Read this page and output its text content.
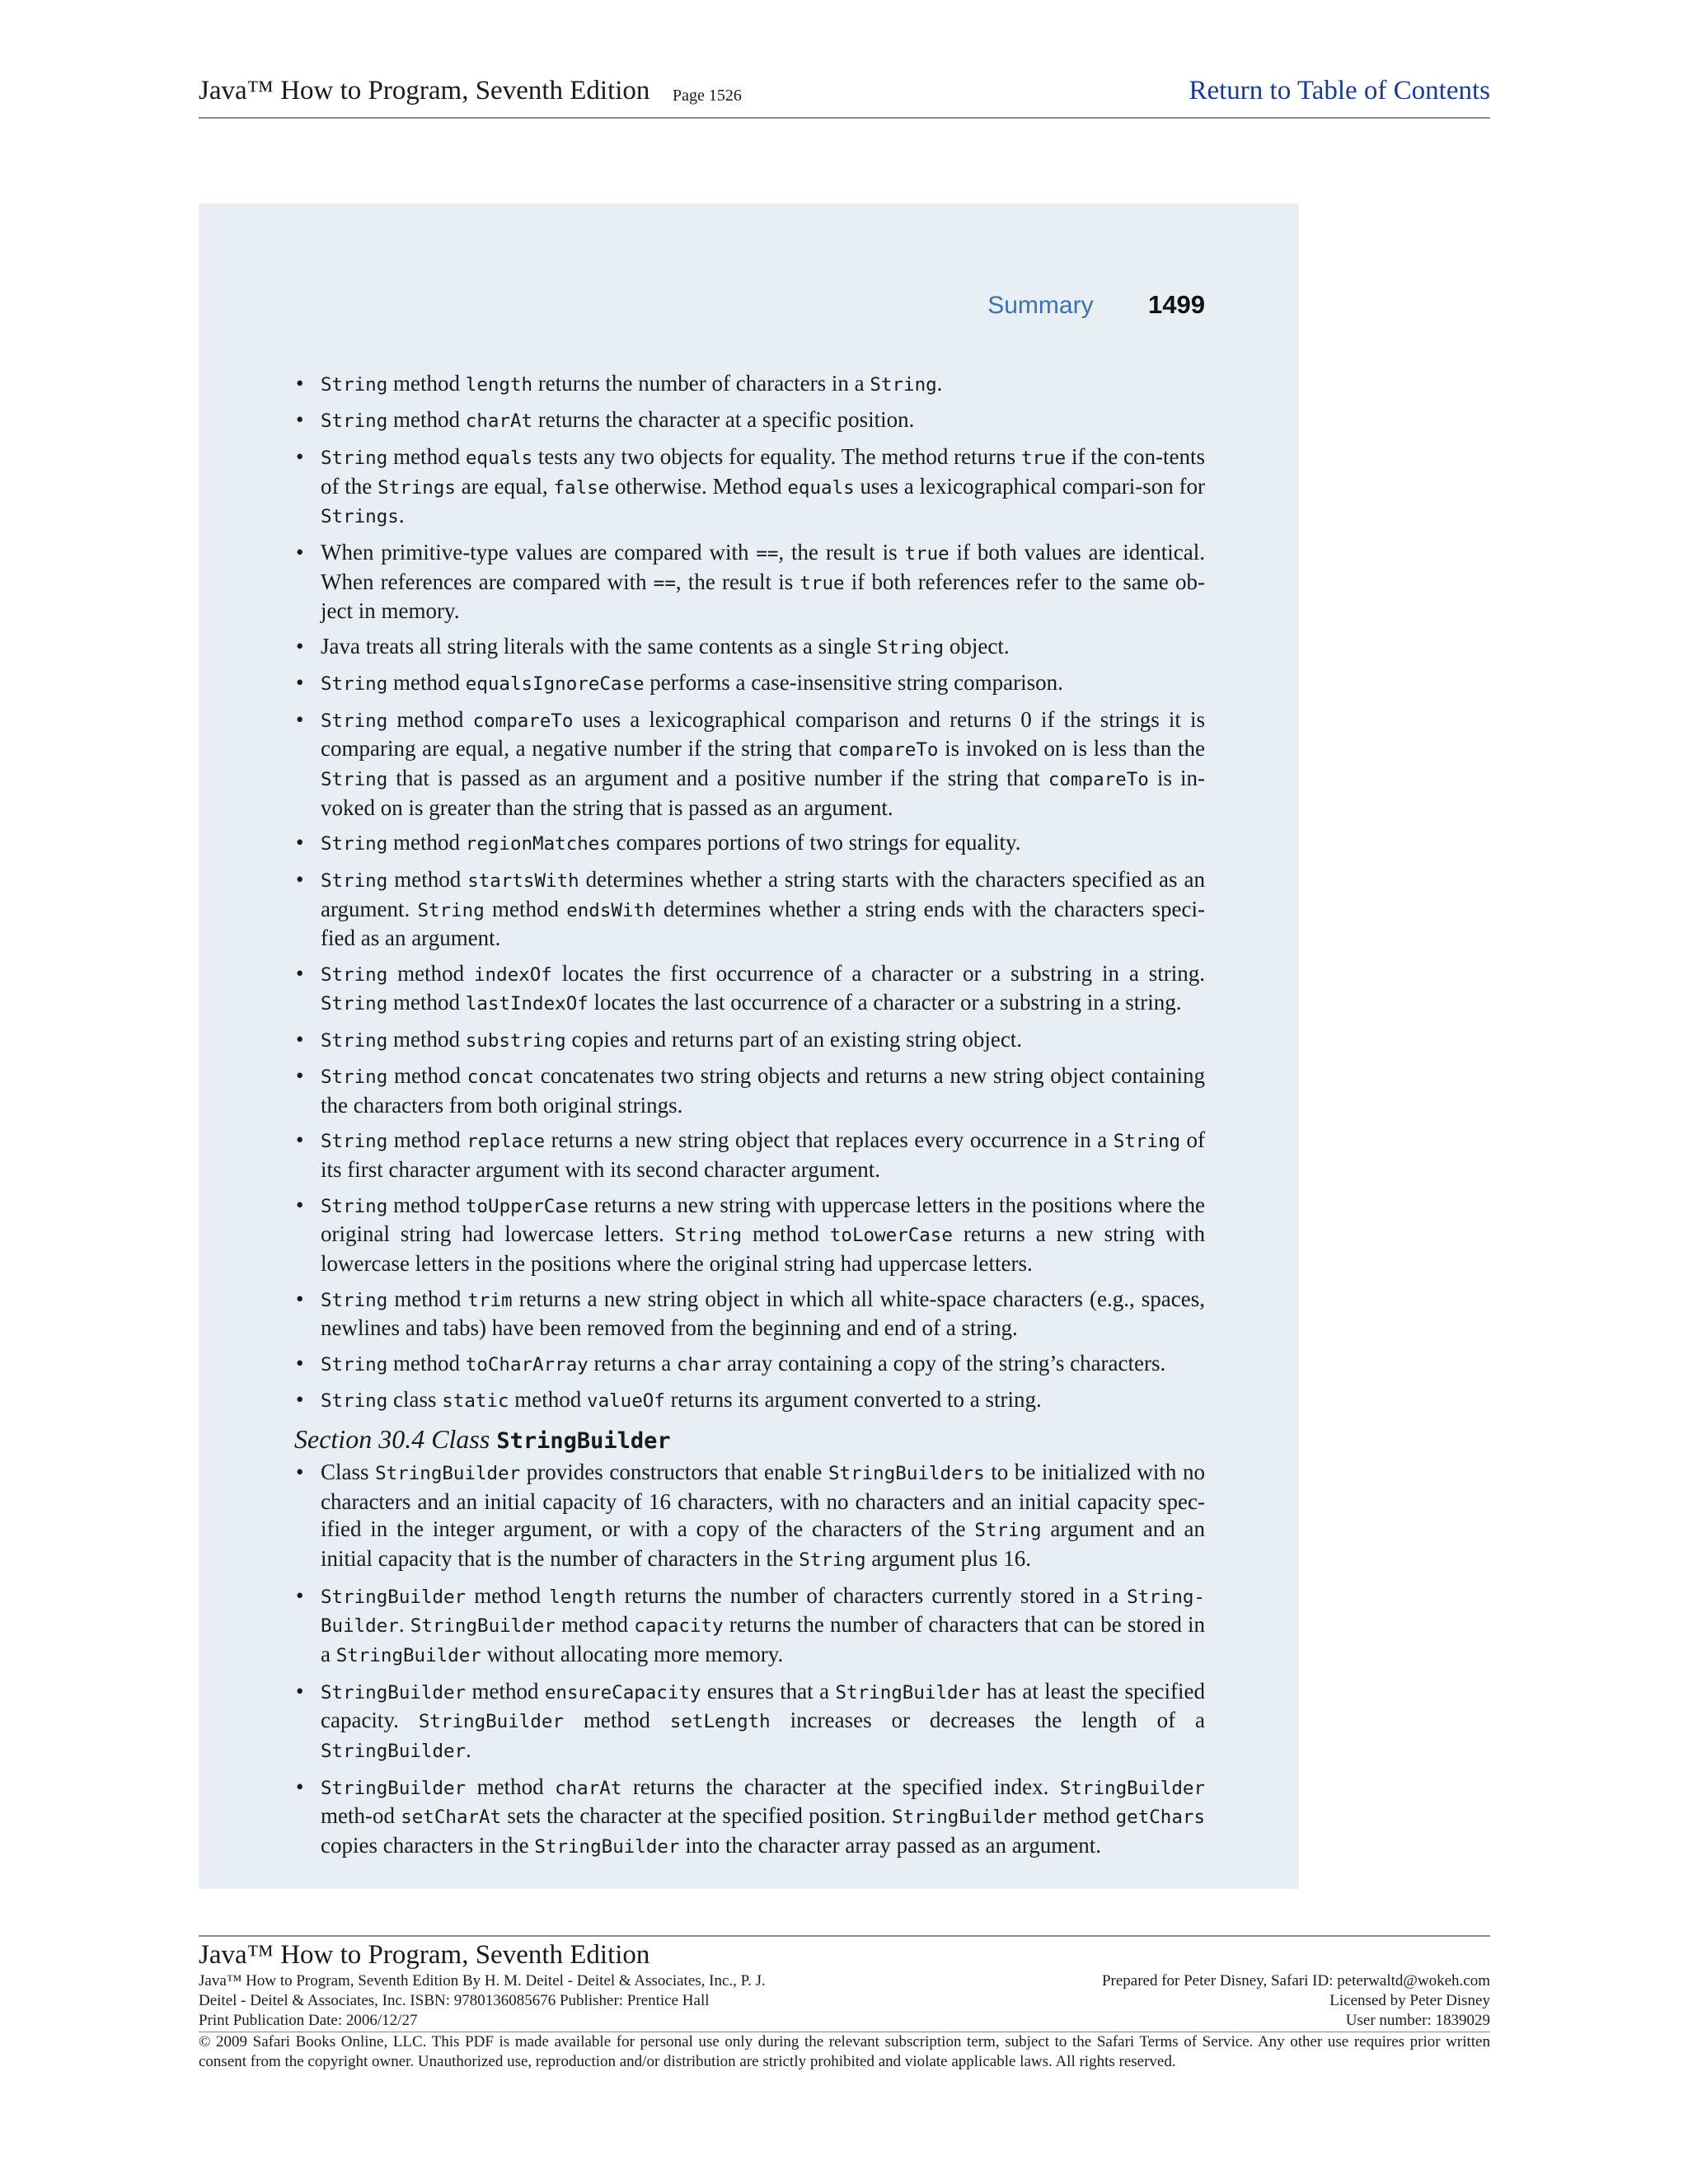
Java™ How to Program, Seventh Edition Page 1526	Return to Table of Contents
Summary 1499
• String method length returns the number of characters in a String.
• String method charAt returns the character at a specific position.
• String method equals tests any two objects for equality. The method returns true if the con-tents of the Strings are equal, false otherwise. Method equals uses a lexicographical compari-son for Strings.
• When primitive-type values are compared with ==, the result is true if both values are identical. When references are compared with ==, the result is true if both references refer to the same ob-ject in memory.
• Java treats all string literals with the same contents as a single String object.
• String method equalsIgnoreCase performs a case-insensitive string comparison.
• String method compareTo uses a lexicographical comparison and returns 0 if the strings it is comparing are equal, a negative number if the string that compareTo is invoked on is less than the String that is passed as an argument and a positive number if the string that compareTo is in-voked on is greater than the string that is passed as an argument.
• String method regionMatches compares portions of two strings for equality.
• String method startsWith determines whether a string starts with the characters specified as an argument. String method endsWith determines whether a string ends with the characters speci-fied as an argument.
• String method indexOf locates the first occurrence of a character or a substring in a string. String method lastIndexOf locates the last occurrence of a character or a substring in a string.
• String method substring copies and returns part of an existing string object.
• String method concat concatenates two string objects and returns a new string object containing the characters from both original strings.
• String method replace returns a new string object that replaces every occurrence in a String of its first character argument with its second character argument.
• String method toUpperCase returns a new string with uppercase letters in the positions where the original string had lowercase letters. String method toLowerCase returns a new string with lowercase letters in the positions where the original string had uppercase letters.
• String method trim returns a new string object in which all white-space characters (e.g., spaces, newlines and tabs) have been removed from the beginning and end of a string.
• String method toCharArray returns a char array containing a copy of the string’s characters.
• String class static method valueOf returns its argument converted to a string.
Section 30.4 Class StringBuilder
• Class StringBuilder provides constructors that enable StringBuilders to be initialized with no characters and an initial capacity of 16 characters, with no characters and an initial capacity spec-ified in the integer argument, or with a copy of the characters of the String argument and an initial capacity that is the number of characters in the String argument plus 16.
• StringBuilder method length returns the number of characters currently stored in a String-Builder. StringBuilder method capacity returns the number of characters that can be stored in a StringBuilder without allocating more memory.
• StringBuilder method ensureCapacity ensures that a StringBuilder has at least the specified capacity. StringBuilder method setLength increases or decreases the length of a StringBuilder.
• StringBuilder method charAt returns the character at the specified index. StringBuilder meth-od setCharAt sets the character at the specified position. StringBuilder method getChars copies characters in the StringBuilder into the character array passed as an argument.
Java™ How to Program, Seventh Edition
Java™ How to Program, Seventh Edition By H. M. Deitel - Deitel & Associates, Inc., P. J.	Prepared for Peter Disney, Safari ID: peterwaltd@wokeh.com
Deitel - Deitel & Associates, Inc. ISBN: 9780136085676 Publisher: Prentice Hall	Licensed by Peter Disney
Print Publication Date: 2006/12/27	User number: 1839029
© 2009 Safari Books Online, LLC. This PDF is made available for personal use only during the relevant subscription term, subject to the Safari Terms of Service. Any other use requires prior written consent from the copyright owner. Unauthorized use, reproduction and/or distribution are strictly prohibited and violate applicable laws. All rights reserved.
